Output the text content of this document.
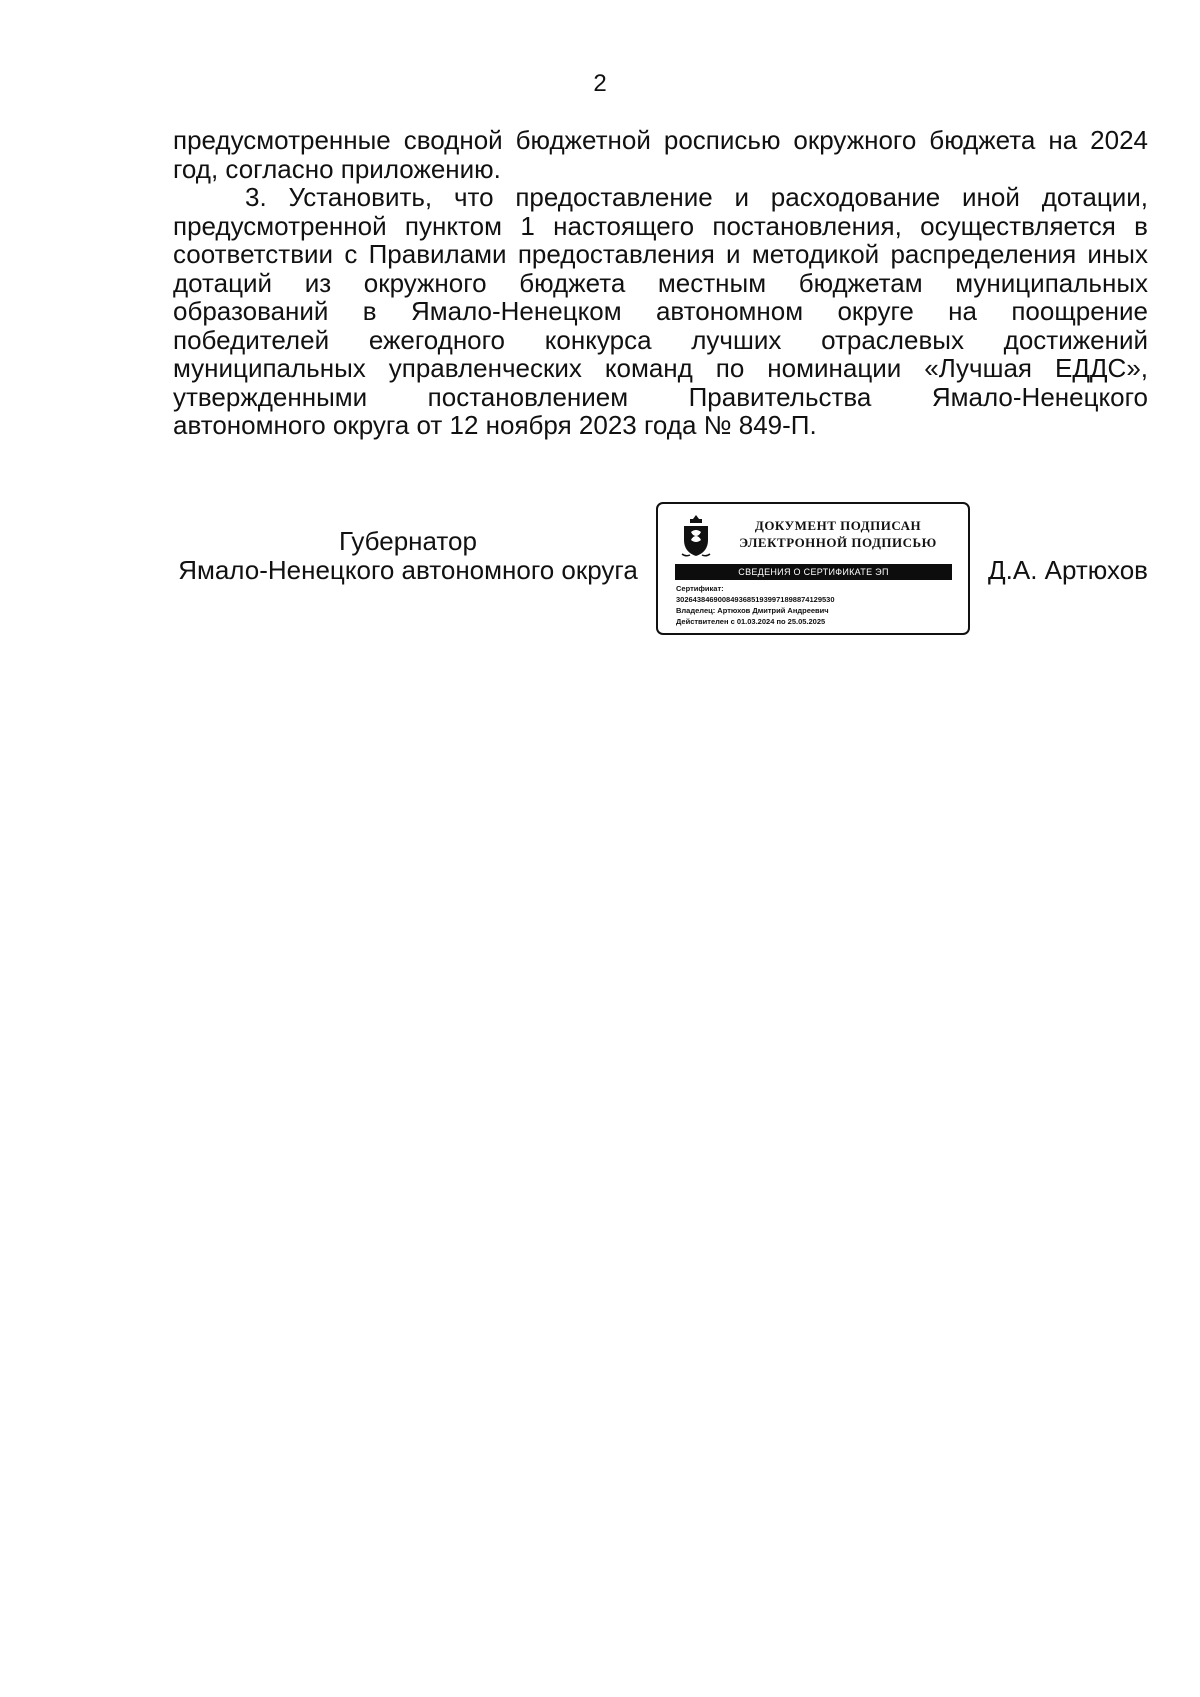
2

предусмотренные сводной бюджетной росписью окружного бюджета на 2024 год, согласно приложению.

3. Установить, что предоставление и расходование иной дотации, предусмотренной пунктом 1 настоящего постановления, осуществляется в соответствии с Правилами предоставления и методикой распределения иных дотаций из окружного бюджета местным бюджетам муниципальных образований в Ямало-Ненецком автономном округе на поощрение победителей ежегодного конкурса лучших отраслевых достижений муниципальных управленческих команд по номинации «Лучшая ЕДДС», утвержденными постановлением Правительства Ямало-Ненецкого автономного округа от 12 ноября 2023 года № 849-П.

Губернатор
Ямало-Ненецкого автономного округа
ДОКУМЕНТ ПОДПИСАН
ЭЛЕКТРОННОЙ ПОДПИСЬЮ
СВЕДЕНИЯ О СЕРТИФИКАТЕ ЭП
Сертификат:
30264384690084936851939971898874129530
Владелец: Артюхов Дмитрий Андреевич
Действителен с 01.03.2024 по 25.05.2025
Д.А. Артюхов
